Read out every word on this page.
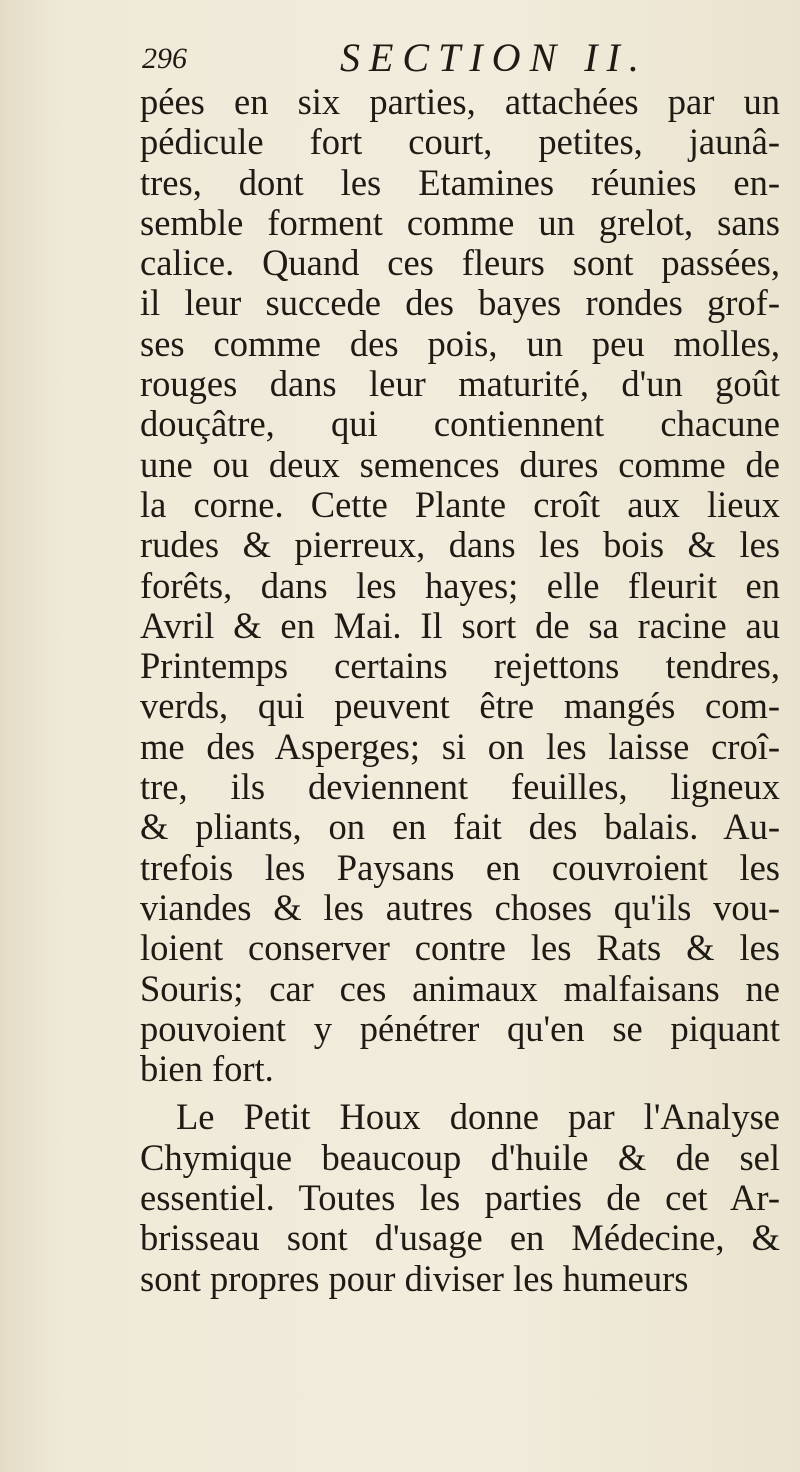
296	SECTION II.

pées en six parties, attachées par un
pédicule fort court, petites, jaunâ-
tres, dont les Etamines réunies en-
semble forment comme un grelot, sans
calice. Quand ces fleurs sont passées,
il leur succede des bayes rondes grof-
ses comme des pois, un peu molles,
rouges dans leur maturité, d'un goût
douçâtre, qui contiennent chacune
une ou deux semences dures comme de
la corne. Cette Plante croît aux lieux
rudes & pierreux, dans les bois & les
forêts, dans les hayes; elle fleurit en
Avril & en Mai. Il sort de sa racine au
Printemps certains rejettons tendres,
verds, qui peuvent être mangés com-
me des Asperges; si on les laisse croî-
tre, ils deviennent feuilles, ligneux
& pliants, on en fait des balais. Au-
trefois les Paysans en couvroient les
viandes & les autres choses qu'ils vou-
loient conserver contre les Rats & les
Souris; car ces animaux malfaisans ne
pouvoient y pénétrer qu'en se piquant
bien fort.

Le Petit Houx donne par l'Analyse
Chymique beaucoup d'huile & de sel
essentiel. Toutes les parties de cet Ar-
brisseau sont d'usage en Médecine, &
sont propres pour diviser les humeurs
